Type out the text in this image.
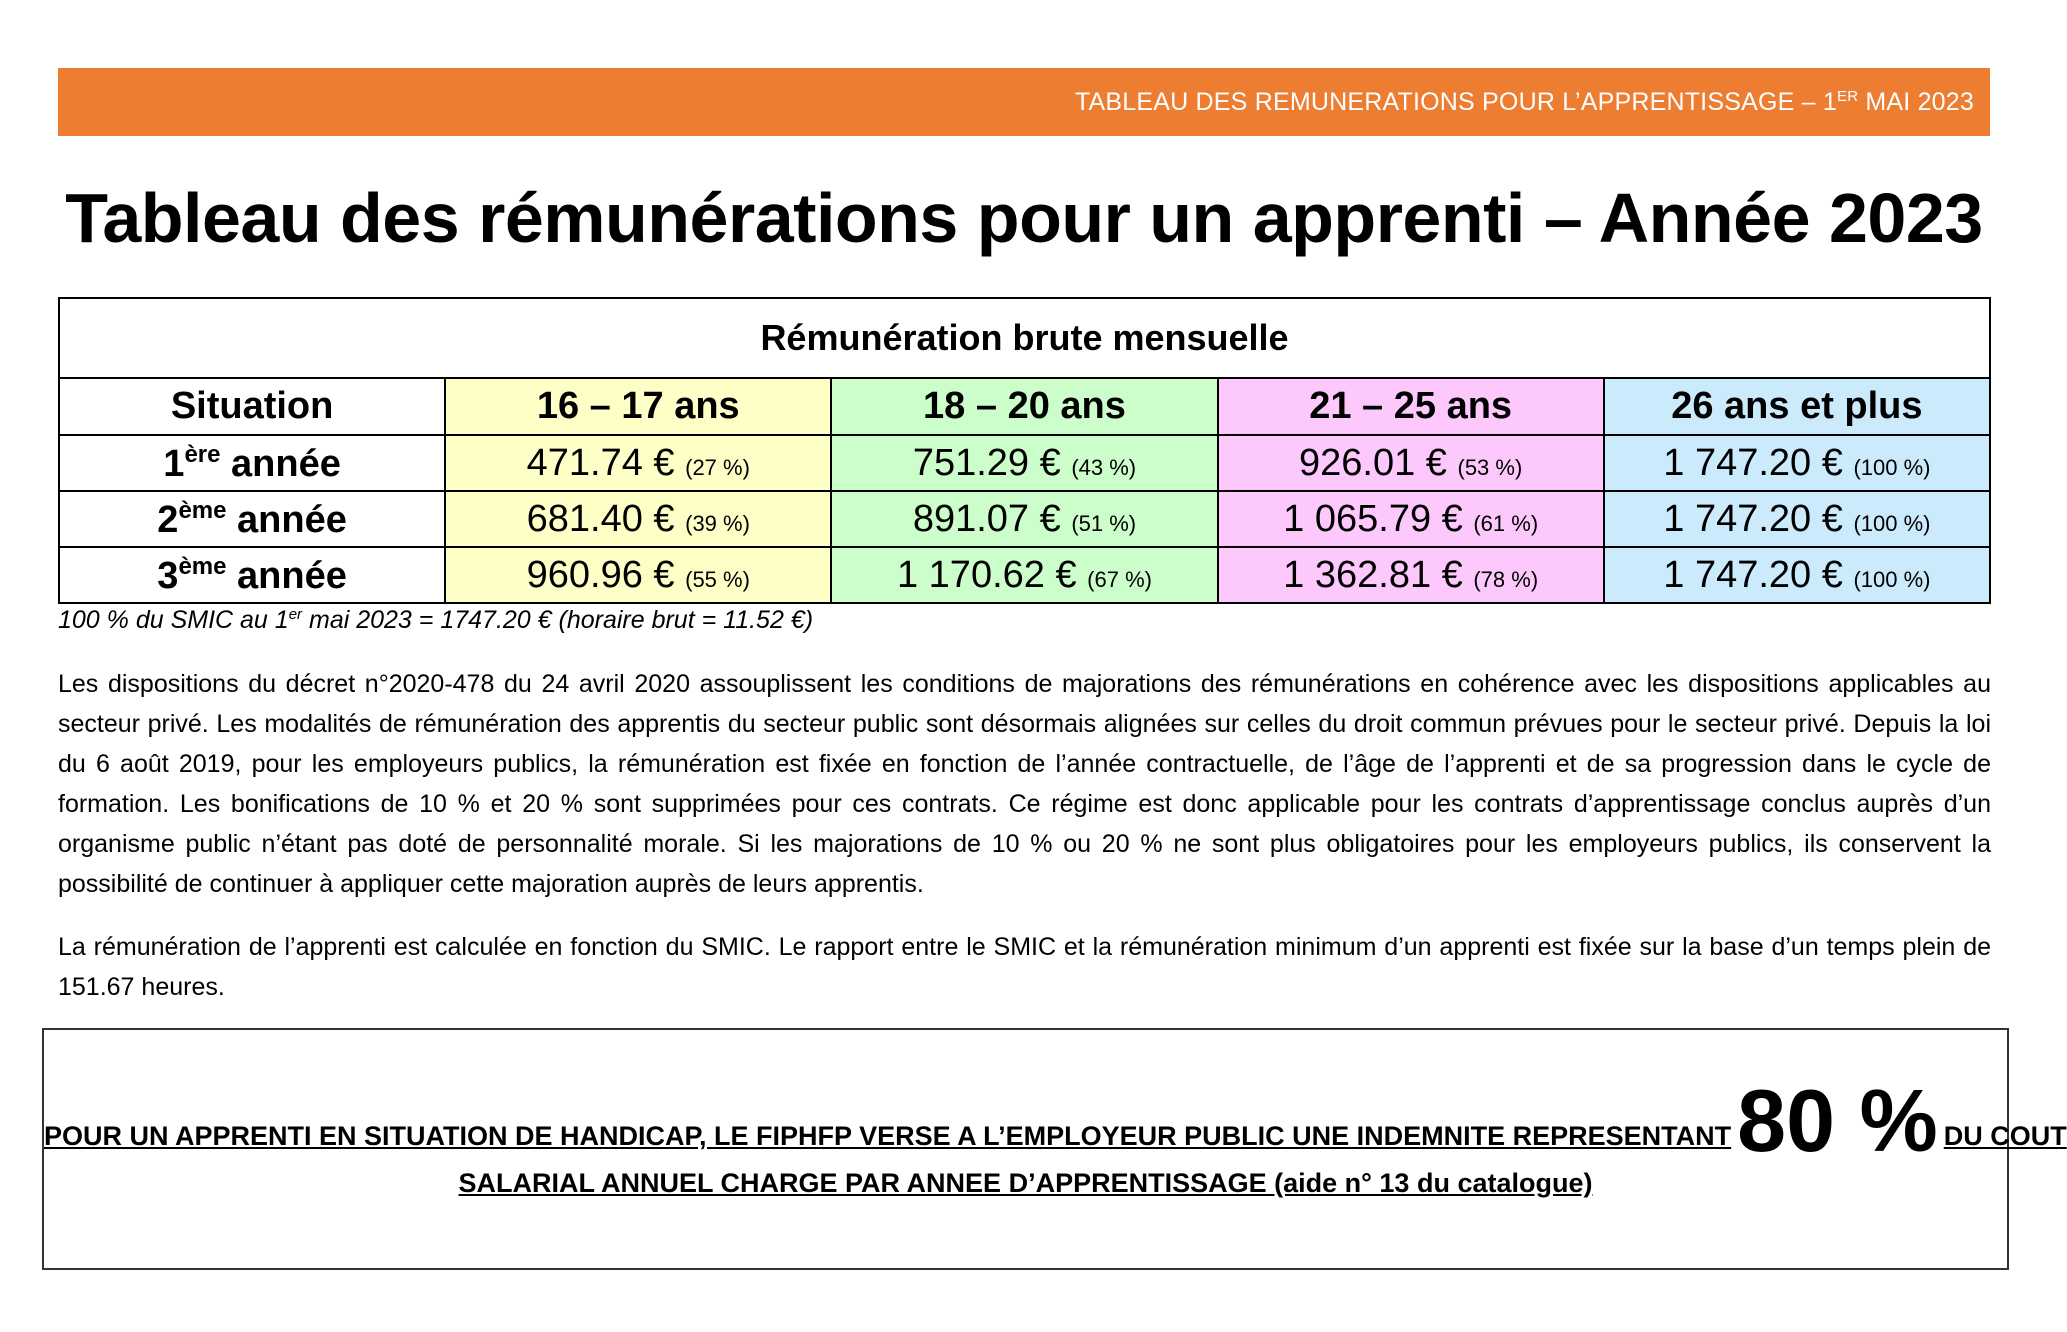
TABLEAU DES REMUNERATIONS POUR L’APPRENTISSAGE – 1ER MAI 2023
Tableau des rémunérations pour un apprenti – Année 2023
Rémunération brute mensuelle				
Situation	16 – 17 ans	18 – 20 ans	21 – 25 ans	26 ans et plus
1ère année	471.74 € (27 %)	751.29 € (43 %)	926.01 € (53 %)	1 747.20 € (100 %)
2ème année	681.40 € (39 %)	891.07 € (51 %)	1 065.79 € (61 %)	1 747.20 € (100 %)
3ème année	960.96 € (55 %)	1 170.62 € (67 %)	1 362.81 € (78 %)	1 747.20 € (100 %)
100 % du SMIC au 1er mai 2023 = 1747.20 € (horaire brut = 11.52 €)

Les dispositions du décret n°2020-478 du 24 avril 2020 assouplissent les conditions de majorations des rémunérations en cohérence avec les dispositions applicables au secteur privé. Les modalités de rémunération des apprentis du secteur public sont désormais alignées sur celles du droit commun prévues pour le secteur privé. Depuis la loi du 6 août 2019, pour les employeurs publics, la rémunération est fixée en fonction de l’année contractuelle, de l’âge de l’apprenti et de sa progression dans le cycle de formation. Les bonifications de 10 % et 20 % sont supprimées pour ces contrats. Ce régime est donc applicable pour les contrats d’apprentissage conclus auprès d’un organisme public n’étant pas doté de personnalité morale. Si les majorations de 10 % ou 20 % ne sont plus obligatoires pour les employeurs publics, ils conservent la possibilité de continuer à appliquer cette majoration auprès de leurs apprentis.

La rémunération de l’apprenti est calculée en fonction du SMIC. Le rapport entre le SMIC et la rémunération minimum d’un apprenti est fixée sur la base d’un temps plein de 151.67 heures.

POUR UN APPRENTI EN SITUATION DE HANDICAP, LE FIPHFP VERSE A L’EMPLOYEUR PUBLIC UNE INDEMNITE REPRESENTANT80 % DU COUT
SALARIAL ANNUEL CHARGE PAR ANNEE D’APPRENTISSAGE (aide n° 13 du catalogue)
